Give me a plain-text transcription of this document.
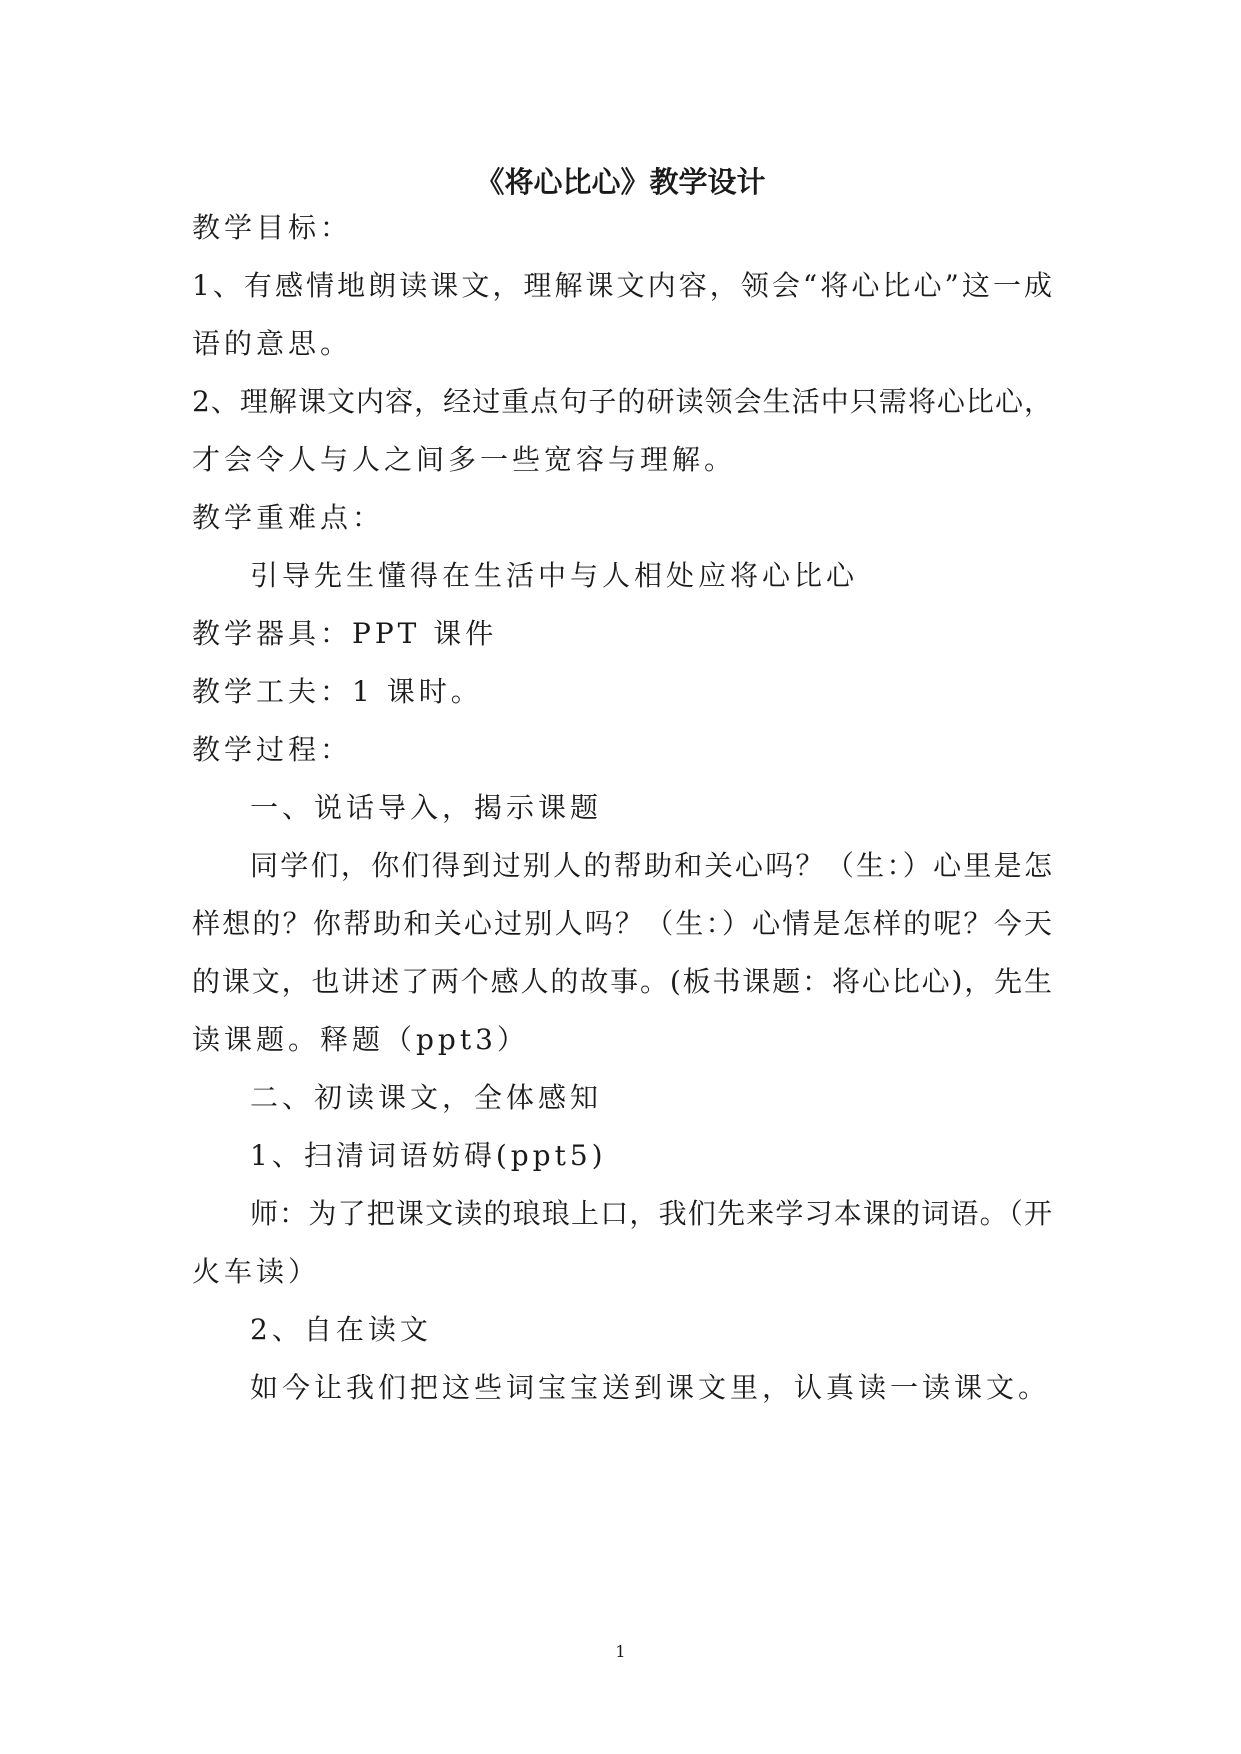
《将心比心》教学设计
教学目标：
1、有感情地朗读课文，理解课文内容，领会“将心比心”这一成
语的意思。
2、理解课文内容，经过重点句子的研读领会生活中只需将心比心，
才会令人与人之间多一些宽容与理解。
教学重难点：
引导先生懂得在生活中与人相处应将心比心
教学器具：PPT 课件
教学工夫：1 课时。
教学过程：
一、说话导入，揭示课题
同学们，你们得到过别人的帮助和关心吗？（生：）心里是怎
样想的？你帮助和关心过别人吗？（生：）心情是怎样的呢？今天
的课文，也讲述了两个感人的故事。(板书课题：将心比心)，先生
读课题。释题（ppt3）
二、初读课文，全体感知
1、扫清词语妨碍(ppt5)
师：为了把课文读的琅琅上口，我们先来学习本课的词语。（开
火车读）
2、自在读文
如今让我们把这些词宝宝送到课文里，认真读一读课文。
1
